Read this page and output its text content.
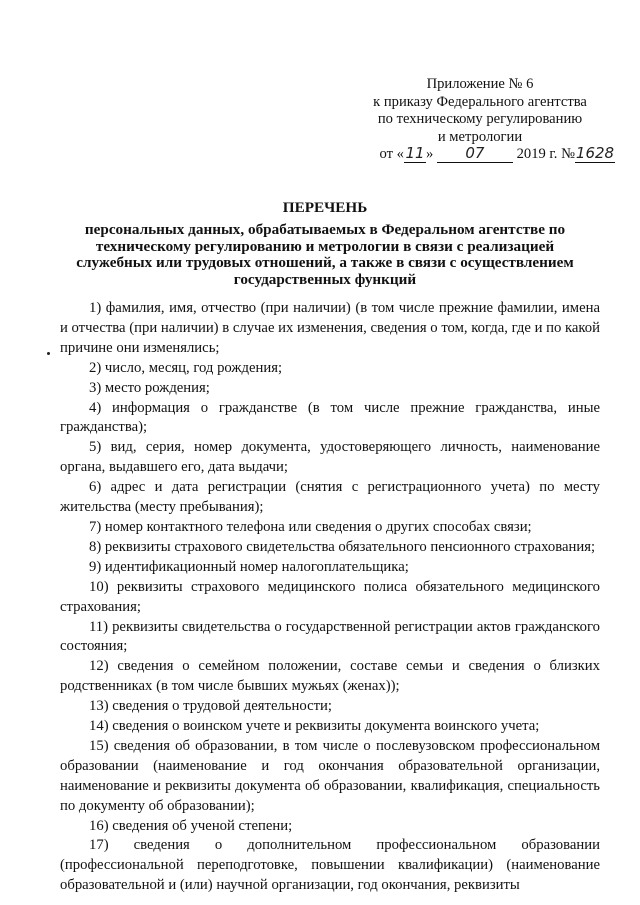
Приложение № 6
к приказу Федерального агентства
по техническому регулированию
и метрологии
от «11» 07 2019 г. №1628
ПЕРЕЧЕНЬ
персональных данных, обрабатываемых в Федеральном агентстве по техническому регулированию и метрологии в связи с реализацией служебных или трудовых отношений, а также в связи с осуществлением государственных функций

1) фамилия, имя, отчество (при наличии) (в том числе прежние фамилии, имена и отчества (при наличии) в случае их изменения, сведения о том, когда, где и по какой причине они изменялись;

2) число, месяц, год рождения;

3) место рождения;

4) информация о гражданстве (в том числе прежние гражданства, иные гражданства);

5) вид, серия, номер документа, удостоверяющего личность, наименование органа, выдавшего его, дата выдачи;

6) адрес и дата регистрации (снятия с регистрационного учета) по месту жительства (месту пребывания);

7) номер контактного телефона или сведения о других способах связи;

8) реквизиты страхового свидетельства обязательного пенсионного страхования;

9) идентификационный номер налогоплательщика;

10) реквизиты страхового медицинского полиса обязательного медицинского страхования;

11) реквизиты свидетельства о государственной регистрации актов гражданского состояния;

12) сведения о семейном положении, составе семьи и сведения о близких родственниках (в том числе бывших мужьях (женах));

13) сведения о трудовой деятельности;

14) сведения о воинском учете и реквизиты документа воинского учета;

15) сведения об образовании, в том числе о послевузовском профессиональном образовании (наименование и год окончания образовательной организации, наименование и реквизиты документа об образовании, квалификация, специальность по документу об образовании);

16) сведения об ученой степени;

17) сведения о дополнительном профессиональном образовании (профессиональной переподготовке, повышении квалификации) (наименование образовательной и (или) научной организации, год окончания, реквизиты
